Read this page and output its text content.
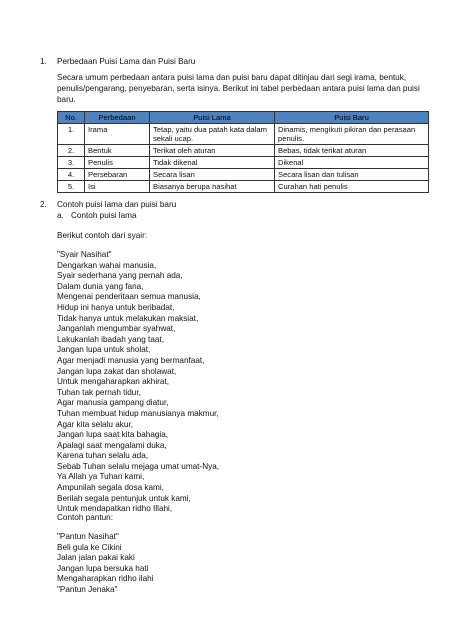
1. Perbedaan Puisi Lama dan Puisi Baru
Secara umum perbedaan antara puisi lama dan puisi baru dapat ditinjau dari segi irama, bentuk, penulis/pengarang, penyebaran, serta isinya. Berikut ini tabel perbedaan antara puisi lama dan puisi baru.
No.	Perbedaan	Puisi Lama	Puisi Baru
1.	Irama	Tetap, yaitu dua patah kata dalam sekali ucap.	Dinamis, mengikuti pikiran dan perasaan penulis.
2.	Bentuk	Terikat oleh aturan	Bebas, tidak terikat aturan
3.	Penulis	Tidak dikenal	Dikenal
4.	Persebaran	Secara lisan	Secara lisan dan tulisan
5.	Isi	Biasanya berupa nasihat	Curahan hati penulis
2. Contoh puisi lama dan puisi baru
a. Contoh puisi lama
Berikut contoh dari syair:
"Syair Nasihat"
Dengarkan wahai manusia,
Syair sederhana yang pernah ada,
Dalam dunia yang fana,
Mengenai penderitaan semua manusia,
Hidup ini hanya untuk beribadat,
Tidak hanya untuk melakukan maksiat,
Janganlah mengumbar syahwat,
Lakukanlah ibadah yang taat,
Jangan lupa untuk sholat,
Agar menjadi manusia yang bermanfaat,
Jangan lupa zakat dan sholawat,
Untuk mengaharapkan akhirat,
Tuhan tak pernah tidur,
Agar manusia gampang diatur,
Tuhan membuat hidup manusianya makmur,
Agar kita selalu akur,
Jangan lupa saat kita bahagia,
Apalagi saat mengalami duka,
Karena tuhan selalu ada,
Sebab Tuhan selalu mejaga umat umat-Nya,
Ya Allah ya Tuhan kami,
Ampunilah segala dosa kami,
Berilah segala pentunjuk untuk kami,
Untuk mendapatkan ridho Illahi,
Contoh pantun:
"Pantun Nasihat"
Beli gula ke Cikini
Jalan jalan pakai kaki
Jangan lupa bersuka hati
Mengaharapkan ridho ilahi
"Pantun Jenaka"
